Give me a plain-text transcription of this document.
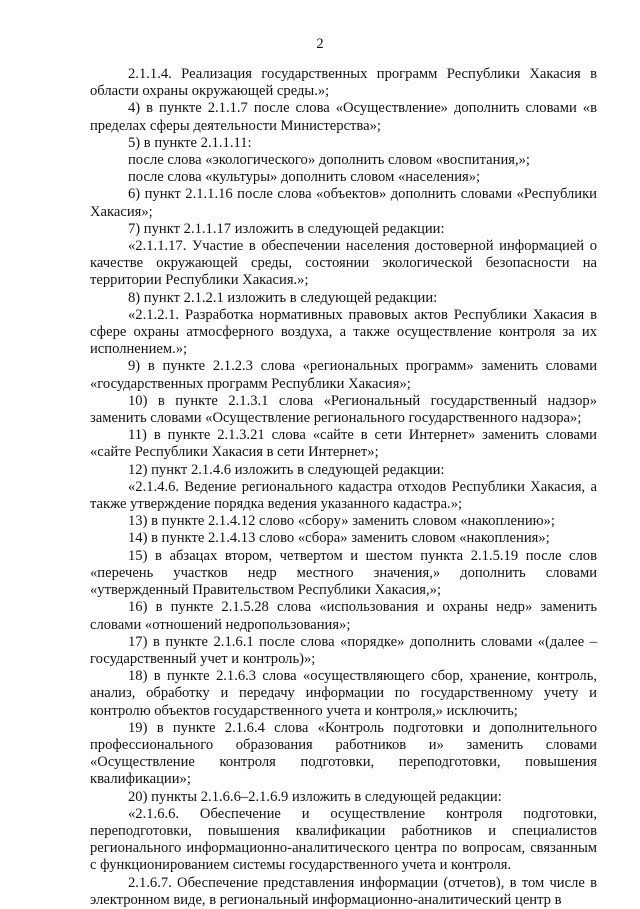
2

2.1.1.4. Реализация государственных программ Республики Хакасия в области охраны окружающей среды.»;

4) в пункте 2.1.1.7 после слова «Осуществление» дополнить словами «в пределах сферы деятельности Министерства»;

5) в пункте 2.1.1.11:

после слова «экологического» дополнить словом «воспитания,»;

после слова «культуры» дополнить словом «населения»;

6) пункт 2.1.1.16 после слова «объектов» дополнить словами «Республики Хакасия»;

7) пункт 2.1.1.17 изложить в следующей редакции:

«2.1.1.17. Участие в обеспечении населения достоверной информацией о качестве окружающей среды, состоянии экологической безопасности на территории Республики Хакасия.»;

8) пункт 2.1.2.1 изложить в следующей редакции:

«2.1.2.1. Разработка нормативных правовых актов Республики Хакасия в сфере охраны атмосферного воздуха, а также осуществление контроля за их исполнением.»;

9) в пункте 2.1.2.3 слова «региональных программ» заменить словами «государственных программ Республики Хакасия»;

10) в пункте 2.1.3.1 слова «Региональный государственный надзор» заменить словами «Осуществление регионального государственного надзора»;

11) в пункте 2.1.3.21 слова «сайте в сети Интернет» заменить словами «сайте Республики Хакасия в сети Интернет»;

12) пункт 2.1.4.6 изложить в следующей редакции:

«2.1.4.6. Ведение регионального кадастра отходов Республики Хакасия, а также утверждение порядка ведения указанного кадастра.»;

13) в пункте 2.1.4.12 слово «сбору» заменить словом «накоплению»;

14) в пункте 2.1.4.13 слово «сбора» заменить словом «накопления»;

15) в абзацах втором, четвертом и шестом пункта 2.1.5.19 после слов «перечень участков недр местного значения,» дополнить словами «утвержденный Правительством Республики Хакасия,»;

16) в пункте 2.1.5.28 слова «использования и охраны недр» заменить словами «отношений недропользования»;

17) в пункте 2.1.6.1 после слова «порядке» дополнить словами «(далее – государственный учет и контроль)»;

18) в пункте 2.1.6.3 слова «осуществляющего сбор, хранение, контроль, анализ, обработку и передачу информации по государственному учету и контролю объектов государственного учета и контроля,» исключить;

19) в пункте 2.1.6.4 слова «Контроль подготовки и дополнительного профессионального образования работников и» заменить словами «Осуществление контроля подготовки, переподготовки, повышения квалификации»;

20) пункты 2.1.6.6–2.1.6.9 изложить в следующей редакции:

«2.1.6.6. Обеспечение и осуществление контроля подготовки, переподготовки, повышения квалификации работников и специалистов регионального информационно-аналитического центра по вопросам, связанным с функционированием системы государственного учета и контроля.

2.1.6.7. Обеспечение представления информации (отчетов), в том числе в электронном виде, в региональный информационно-аналитический центр в
